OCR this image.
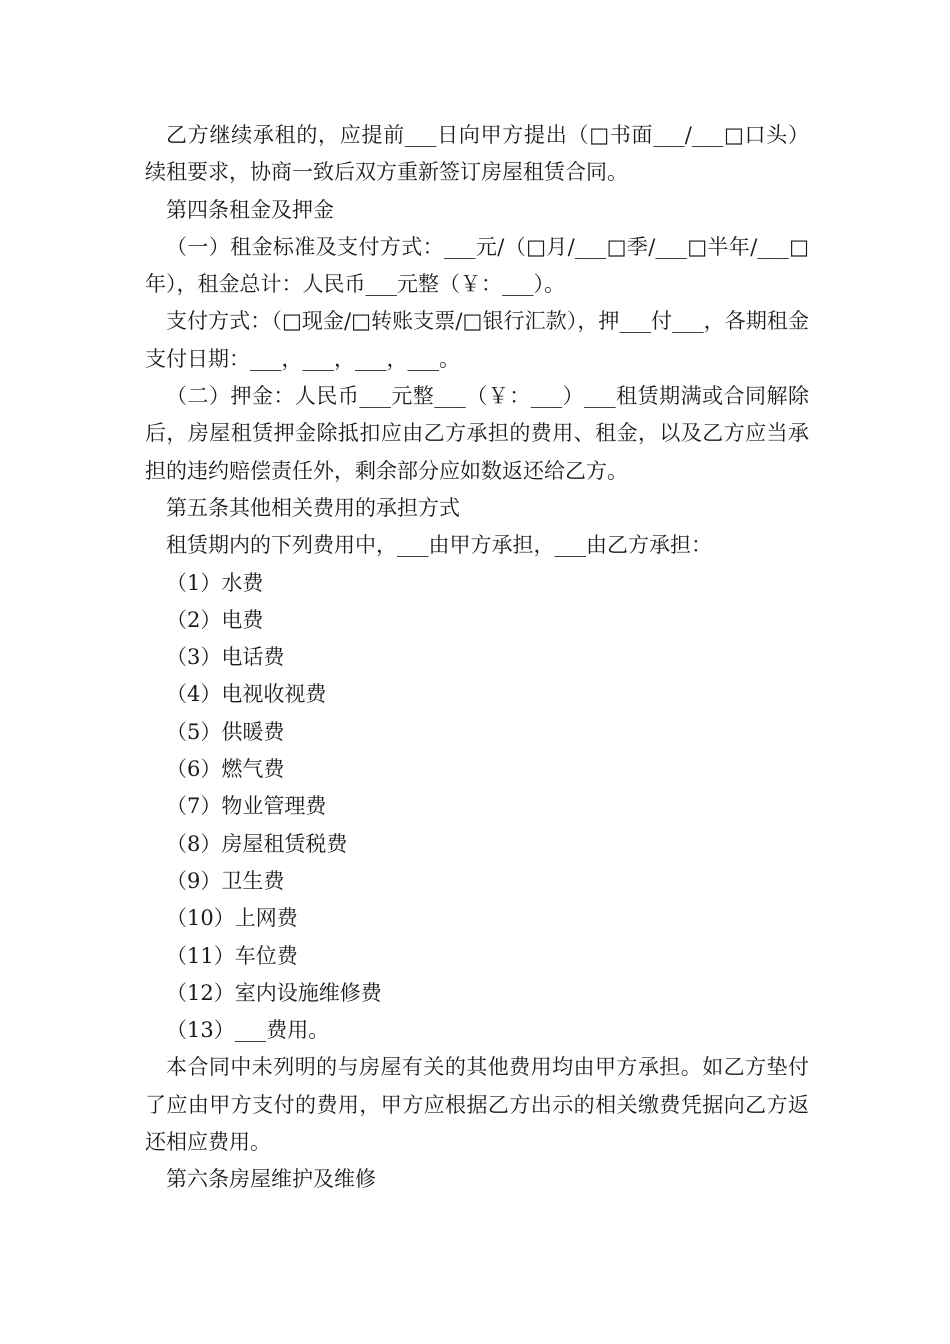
乙方继续承租的，应提前___日向甲方提出（□书面___/___□口头）续租要求，协商一致后双方重新签订房屋租赁合同。

第四条租金及押金

（一）租金标准及支付方式：___元/（□月/___□季/___□半年/___□年），租金总计：人民币___元整（￥：___）。

支付方式：（□现金/□转账支票/□银行汇款），押___付___，各期租金支付日期：___，___，___，___。

（二）押金：人民币___元整___（￥：___）___租赁期满或合同解除后，房屋租赁押金除抵扣应由乙方承担的费用、租金，以及乙方应当承担的违约赔偿责任外，剩余部分应如数返还给乙方。

第五条其他相关费用的承担方式

租赁期内的下列费用中，___由甲方承担，___由乙方承担：

（1）水费

（2）电费

（3）电话费

（4）电视收视费

（5）供暖费

（6）燃气费

（7）物业管理费

（8）房屋租赁税费

（9）卫生费

（10）上网费

（11）车位费

（12）室内设施维修费

（13）___费用。

本合同中未列明的与房屋有关的其他费用均由甲方承担。如乙方垫付了应由甲方支付的费用，甲方应根据乙方出示的相关缴费凭据向乙方返还相应费用。

第六条房屋维护及维修
